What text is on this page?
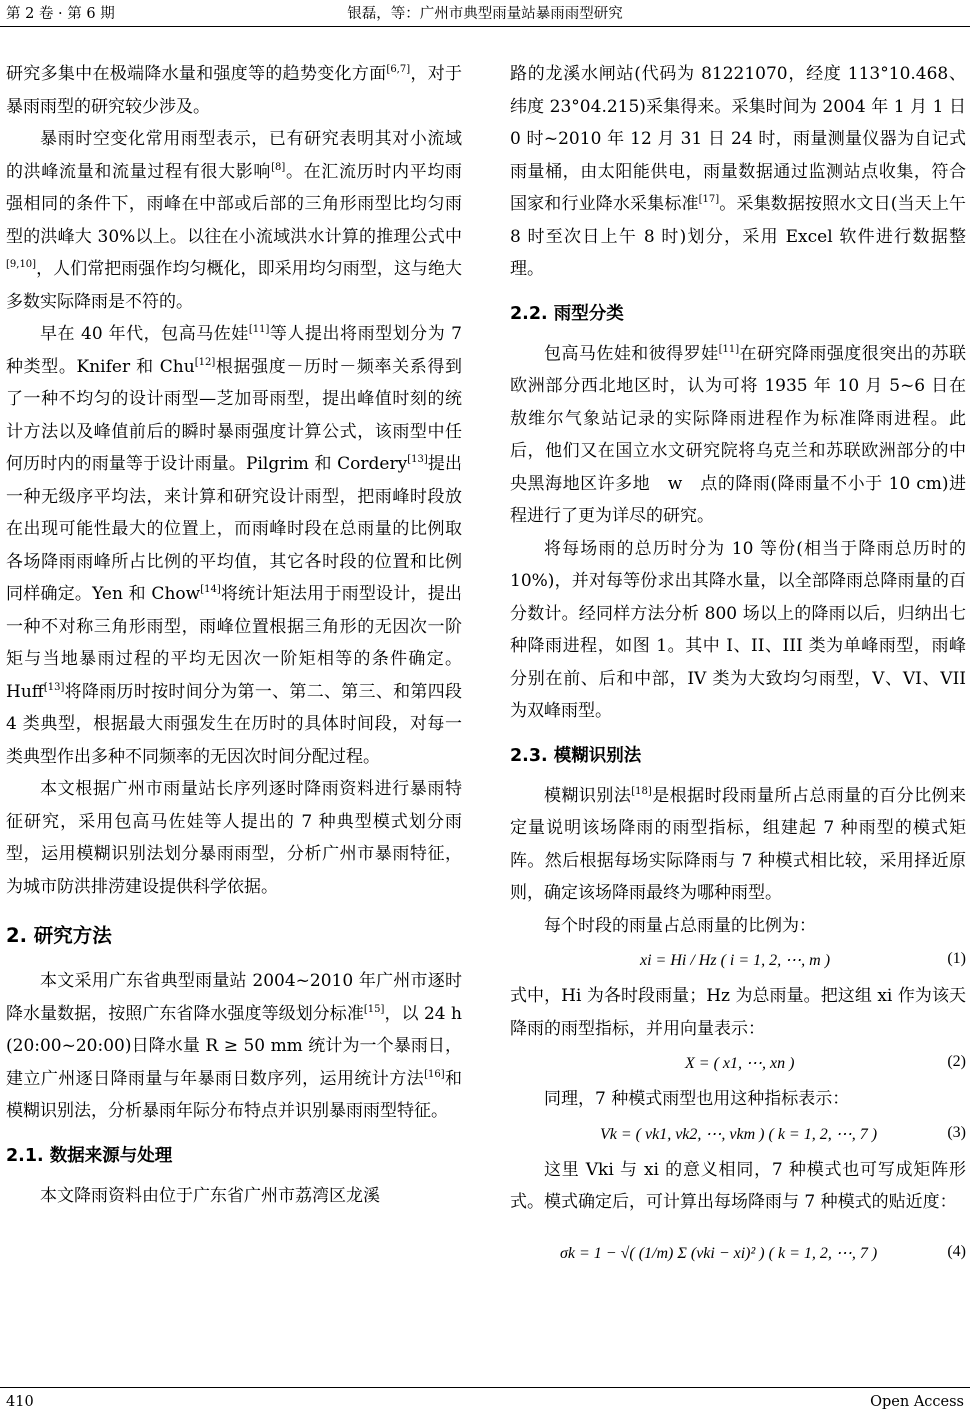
第 2 卷 · 第 6 期	银磊，等：广州市典型雨量站暴雨雨型研究

研究多集中在极端降水量和强度等的趋势变化方面[6,7]，对于暴雨雨型的研究较少涉及。

暴雨时空变化常用雨型表示，已有研究表明其对小流域的洪峰流量和流量过程有很大影响[8]。在汇流历时内平均雨强相同的条件下，雨峰在中部或后部的三角形雨型比均匀雨型的洪峰大 30%以上。以往在小流域洪水计算的推理公式中[9,10]，人们常把雨强作均匀概化，即采用均匀雨型，这与绝大多数实际降雨是不符的。

早在 40 年代，包高马佐娃[11]等人提出将雨型划分为 7 种类型。Knifer 和 Chu[12]根据强度－历时－频率关系得到了一种不均匀的设计雨型—芝加哥雨型，提出峰值时刻的统计方法以及峰值前后的瞬时暴雨强度计算公式，该雨型中任何历时内的雨量等于设计雨量。Pilgrim 和 Cordery[13]提出一种无级序平均法，来计算和研究设计雨型，把雨峰时段放在出现可能性最大的位置上，而雨峰时段在总雨量的比例取各场降雨雨峰所占比例的平均值，其它各时段的位置和比例同样确定。Yen 和 Chow[14]将统计矩法用于雨型设计，提出一种不对称三角形雨型，雨峰位置根据三角形的无因次一阶矩与当地暴雨过程的平均无因次一阶矩相等的条件确定。Huff[13]将降雨历时按时间分为第一、第二、第三、和第四段 4 类典型，根据最大雨强发生在历时的具体时间段，对每一类典型作出多种不同频率的无因次时间分配过程。

本文根据广州市雨量站长序列逐时降雨资料进行暴雨特征研究，采用包高马佐娃等人提出的 7 种典型模式划分雨型，运用模糊识别法划分暴雨雨型，分析广州市暴雨特征，为城市防洪排涝建设提供科学依据。

2. 研究方法

本文采用广东省典型雨量站 2004~2010 年广州市逐时降水量数据，按照广东省降水强度等级划分标准[15]，以 24 h (20:00~20:00)日降水量 R ≥ 50 mm 统计为一个暴雨日，建立广州逐日降雨量与年暴雨日数序列，运用统计方法[16]和模糊识别法，分析暴雨年际分布特点并识别暴雨雨型特征。

2.1. 数据来源与处理

本文降雨资料由位于广东省广州市荔湾区龙溪

路的龙溪水闸站(代码为 81221070，经度 113°10.468、纬度 23°04.215)采集得来。采集时间为 2004 年 1 月 1 日 0 时~2010 年 12 月 31 日 24 时，雨量测量仪器为自记式雨量桶，由太阳能供电，雨量数据通过监测站点收集，符合国家和行业降水采集标准[17]。采集数据按照水文日(当天上午 8 时至次日上午 8 时)划分，采用 Excel 软件进行数据整理。

2.2. 雨型分类

包高马佐娃和彼得罗娃[11]在研究降雨强度很突出的苏联欧洲部分西北地区时，认为可将 1935 年 10 月 5~6 日在敖维尔气象站记录的实际降雨进程作为标准降雨进程。此后，他们又在国立水文研究院将乌克兰和苏联欧洲部分的中央黑海地区许多地　w　点的降雨(降雨量不小于 10 cm)进程进行了更为详尽的研究。

将每场雨的总历时分为 10 等份(相当于降雨总历时的 10%)，并对每等份求出其降水量，以全部降雨总降雨量的百分数计。经同样方法分析 800 场以上的降雨以后，归纳出七种降雨进程，如图 1。其中 I、II、III 类为单峰雨型，雨峰分别在前、后和中部，IV 类为大致均匀雨型，V、VI、VII 为双峰雨型。

2.3. 模糊识别法

模糊识别法[18]是根据时段雨量所占总雨量的百分比例来定量说明该场降雨的雨型指标，组建起 7 种雨型的模式矩阵。然后根据每场实际降雨与 7 种模式相比较，采用择近原则，确定该场降雨最终为哪种雨型。

每个时段的雨量占总雨量的比例为：

xi = Hi / Hz ( i = 1, 2, ⋯, m )	(1)

式中，Hi 为各时段雨量；Hz 为总雨量。把这组 xi 作为该天降雨的雨型指标，并用向量表示：

X = ( x1, ⋯, xn )	(2)

同理，7 种模式雨型也用这种指标表示：

Vk = ( vk1, vk2, ⋯, vkm ) ( k = 1, 2, ⋯, 7 )	(3)

这里 Vki 与 xi 的意义相同，7 种模式也可写成矩阵形式。模式确定后，可计算出每场降雨与 7 种模式的贴近度：

σk = 1 − √( (1/m) Σ (vki − xi)² ) ( k = 1, 2, ⋯, 7 )	(4)
410	Open Access
